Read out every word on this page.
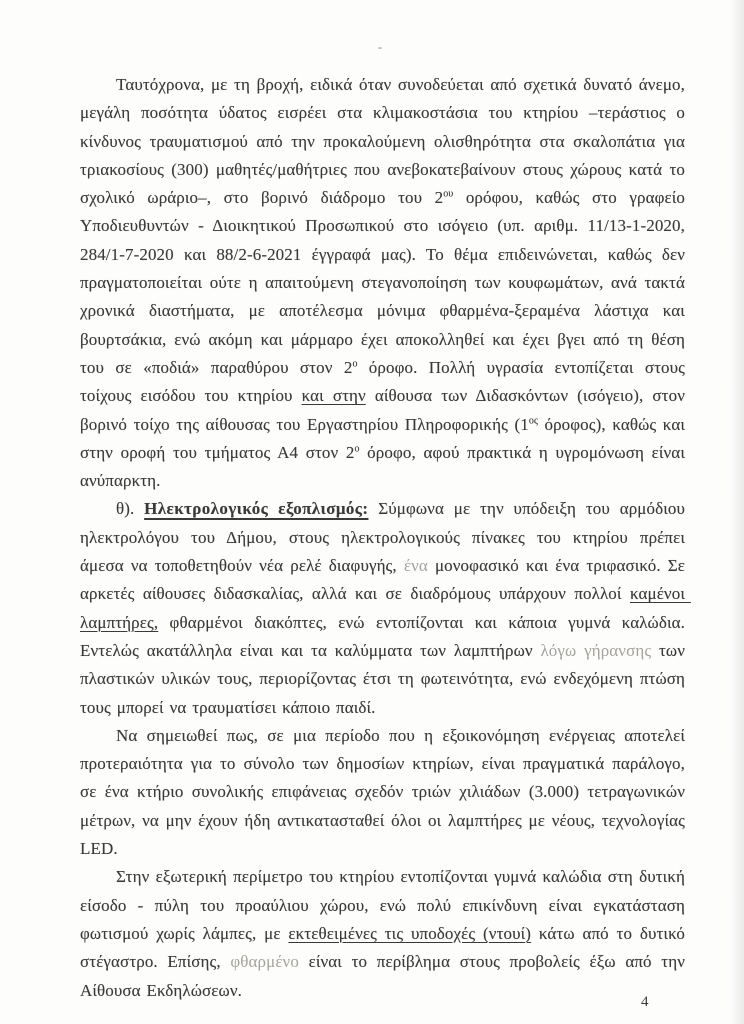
Ταυτόχρονα, με τη βροχή, ειδικά όταν συνοδεύεται από σχετικά δυνατό άνεμο, μεγάλη ποσότητα ύδατος εισρέει στα κλιμακοστάσια του κτηρίου –τεράστιος ο κίνδυνος τραυματισμού από την προκαλούμενη ολισθηρότητα στα σκαλοπάτια για τριακοσίους (300) μαθητές/μαθήτριες που ανεβοκατεβαίνουν στους χώρους κατά το σχολικό ωράριο–, στο βορινό διάδρομο του $2^{o\upsilon}$ ορόφου, καθώς στο γραφείο Υποδιευθυντών - Διοικητικού Προσωπικού στο ισόγειο (υπ. αριθμ. 11/13-1-2020, 284/1-7-2020 και 88/2-6-2021 έγγραφά μας). Το θέμα επιδεινώνεται, καθώς δεν πραγματοποιείται ούτε η απαιτούμενη στεγανοποίηση των κουφωμάτων, ανά τακτά χρονικά διαστήματα, με αποτέλεσμα μόνιμα φθαρμένα-ξεραμένα λάστιχα και βουρτσάκια, ενώ ακόμη και μάρμαρο έχει αποκολληθεί και έχει βγει από τη θέση του σε «ποδιά» παραθύρου στον $2^o$ όροφο. Πολλή υγρασία εντοπίζεται στους τοίχους εισόδου του κτηρίου και στην αίθουσα των Διδασκόντων (ισόγειο), στον βορινό τοίχο της αίθουσας του Εργαστηρίου Πληροφορικής ($1^{o\varsigma}$ όροφος), καθώς και στην οροφή του τμήματος Α4 στον $2^o$ όροφο, αφού πρακτικά η υγρομόνωση είναι ανύπαρκτη.

θ). Ηλεκτρολογικός εξοπλισμός: Σύμφωνα με την υπόδειξη του αρμόδιου ηλεκτρολόγου του Δήμου, στους ηλεκτρολογικούς πίνακες του κτηρίου πρέπει άμεσα να τοποθετηθούν νέα ρελέ διαφυγής, ένα μονοφασικό και ένα τριφασικό. Σε αρκετές αίθουσες διδασκαλίας, αλλά και σε διαδρόμους υπάρχουν πολλοί καμένοι λαμπτήρες, φθαρμένοι διακόπτες, ενώ εντοπίζονται και κάποια γυμνά καλώδια. Εντελώς ακατάλληλα είναι και τα καλύμματα των λαμπτήρων λόγω γήρανσης των πλαστικών υλικών τους, περιορίζοντας έτσι τη φωτεινότητα, ενώ ενδεχόμενη πτώση τους μπορεί να τραυματίσει κάποιο παιδί.

Να σημειωθεί πως, σε μια περίοδο που η εξοικονόμηση ενέργειας αποτελεί προτεραιότητα για το σύνολο των δημοσίων κτηρίων, είναι πραγματικά παράλογο, σε ένα κτήριο συνολικής επιφάνειας σχεδόν τριών χιλιάδων (3.000) τετραγωνικών μέτρων, να μην έχουν ήδη αντικατασταθεί όλοι οι λαμπτήρες με νέους, τεχνολογίας LED.

Στην εξωτερική περίμετρο του κτηρίου εντοπίζονται γυμνά καλώδια στη δυτική είσοδο - πύλη του προαύλιου χώρου, ενώ πολύ επικίνδυνη είναι εγκατάσταση φωτισμού χωρίς λάμπες, με εκτεθειμένες τις υποδοχές (ντουί) κάτω από το δυτικό στέγαστρο. Επίσης, φθαρμένο είναι το περίβλημα στους προβολείς έξω από την Αίθουσα Εκδηλώσεων.

4
